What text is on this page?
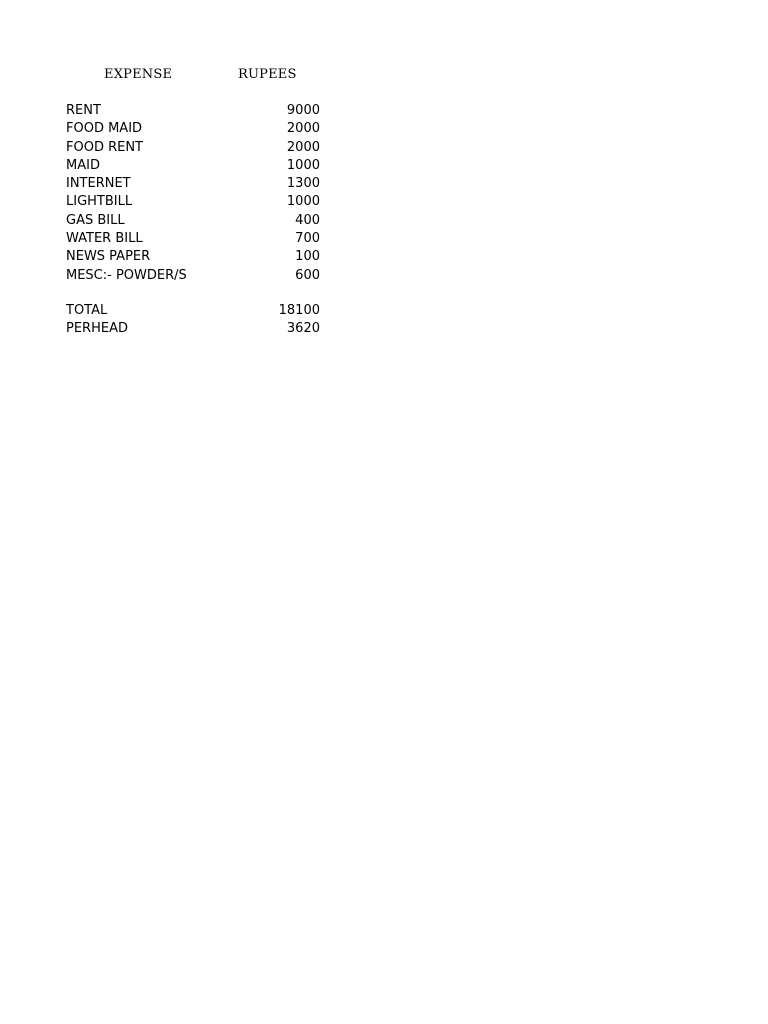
EXPENSE	RUPEES
RENT	9000
FOOD MAID	2000
FOOD RENT	2000
MAID	1000
INTERNET	1300
LIGHTBILL	1000
GAS BILL	400
WATER BILL	700
NEWS PAPER	100
MESC:- POWDER/S	600
TOTAL	18100
PERHEAD	3620
